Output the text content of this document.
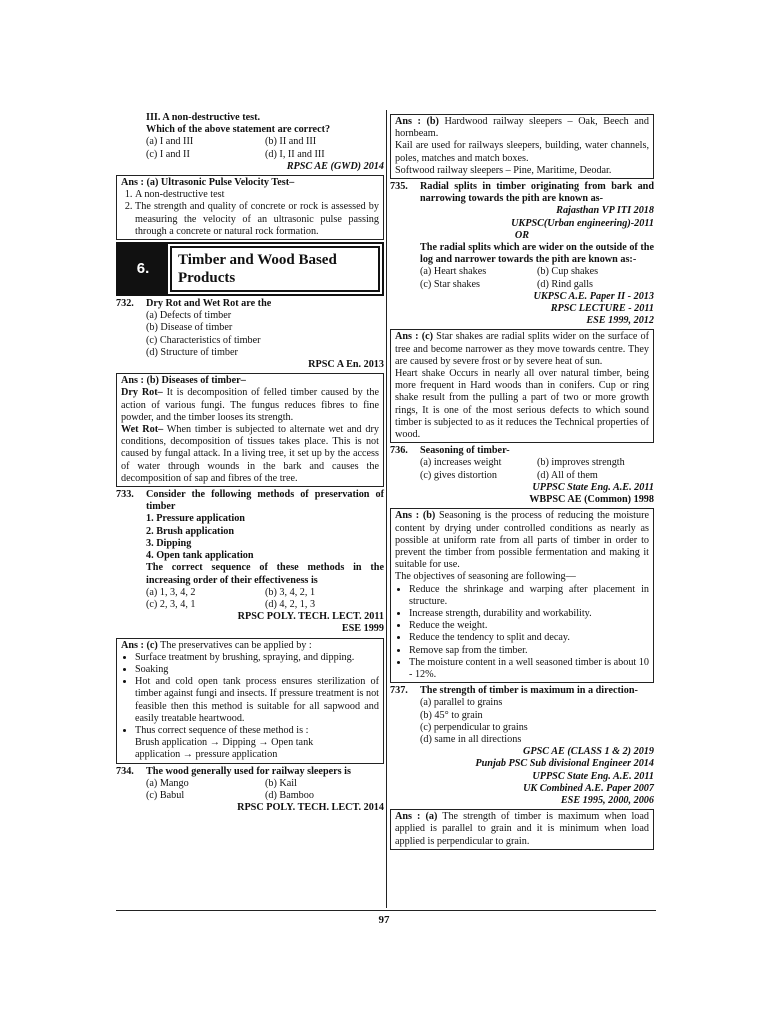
III. A non-destructive test.
Which of the above statement are correct?
(a) I and III	(b) II and III
(c) I and II	(d) I, II and III
RPSC AE (GWD) 2014
Ans : (a) Ultrasonic Pulse Velocity Test–
1. A non-destructive test
2. The strength and quality of concrete or rock is assessed by measuring the velocity of an ultrasonic pulse passing through a concrete or natural rock formation.
6.	Timber and Wood Based Products
732.	Dry Rot and Wet Rot are the
(a) Defects of timber
(b) Disease of timber
(c) Characteristics of timber
(d) Structure of timber
RPSC A En. 2013
Ans : (b) Diseases of timber–
Dry Rot– It is decomposition of felled timber caused by the action of various fungi. The fungus reduces fibres to fine powder, and the timber looses its strength.
Wet Rot– When timber is subjected to alternate wet and dry conditions, decomposition of tissues takes place. This is not caused by fungal attack. In a living tree, it set up by the access of water through wounds in the bark and causes the decomposition of sap and fibres of the tree.
733.	Consider the following methods of preservation of timber
1. Pressure application
2. Brush application
3. Dipping
4. Open tank application
The correct sequence of these methods in the increasing order of their effectiveness is
(a) 1, 3, 4, 2	(b) 3, 4, 2, 1
(c) 2, 3, 4, 1	(d) 4, 2, 1, 3
RPSC POLY. TECH. LECT. 2011
ESE 1999
Ans : (c) The preservatives can be applied by :
• Surface treatment by brushing, spraying, and dipping.
• Soaking
• Hot and cold open tank process ensures sterilization of timber against fungi and insects. If pressure treatment is not feasible then this method is suitable for all sapwood and easily treatable heartwood.
• Thus correct sequence of these method is :
Brush application → Dipping → Open tank
application → pressure application
734.	The wood generally used for railway sleepers is
(a) Mango	(b) Kail
(c) Babul	(d) Bamboo
RPSC POLY. TECH. LECT. 2014
Ans : (b) Hardwood railway sleepers – Oak, Beech and hornbeam.
Kail are used for railways sleepers, building, water channels, poles, matches and match boxes.
Softwood railway sleepers – Pine, Maritime, Deodar.
735.	Radial splits in timber originating from bark and narrowing towards the pith are known as-
Rajasthan VP ITI 2018
UKPSC(Urban engineering)-2011
OR
The radial splits which are wider on the outside of the log and narrower towards the pith are known as:-
(a) Heart shakes	(b) Cup shakes
(c) Star shakes	(d) Rind galls
UKPSC A.E. Paper II - 2013
RPSC LECTURE - 2011
ESE 1999, 2012
Ans : (c) Star shakes are radial splits wider on the surface of tree and become narrower as they move towards centre. They are caused by severe frost or by severe heat of sun.
Heart shake Occurs in nearly all over natural timber, being more frequent in Hard woods than in conifers. Cup or ring shake result from the pulling a part of two or more growth rings, It is one of the most serious defects to which sound timber is subjected to as it reduces the Technical properties of wood.
736.	Seasoning of timber-
(a) increases weight	(b) improves strength
(c) gives distortion	(d) All of them
UPPSC State Eng. A.E. 2011
WBPSC AE (Common) 1998
Ans : (b) Seasoning is the process of reducing the moisture content by drying under controlled conditions as nearly as possible at uniform rate from all parts of timber in order to prevent the timber from possible fermentation and making it suitable for use.
The objectives of seasoning are following—
• Reduce the shrinkage and warping after placement in structure.
• Increase strength, durability and workability.
• Reduce the weight.
• Reduce the tendency to split and decay.
• Remove sap from the timber.
• The moisture content in a well seasoned timber is about 10 - 12%.
737.	The strength of timber is maximum in a direction-
(a) parallel to grains
(b) 45° to grain
(c) perpendicular to grains
(d) same in all directions
GPSC AE (CLASS 1 & 2) 2019
Punjab PSC Sub divisional Engineer 2014
UPPSC State Eng. A.E. 2011
UK Combined A.E. Paper 2007
ESE 1995, 2000, 2006
Ans : (a) The strength of timber is maximum when load applied is parallel to grain and it is minimum when load applied is perpendicular to grain.
97
